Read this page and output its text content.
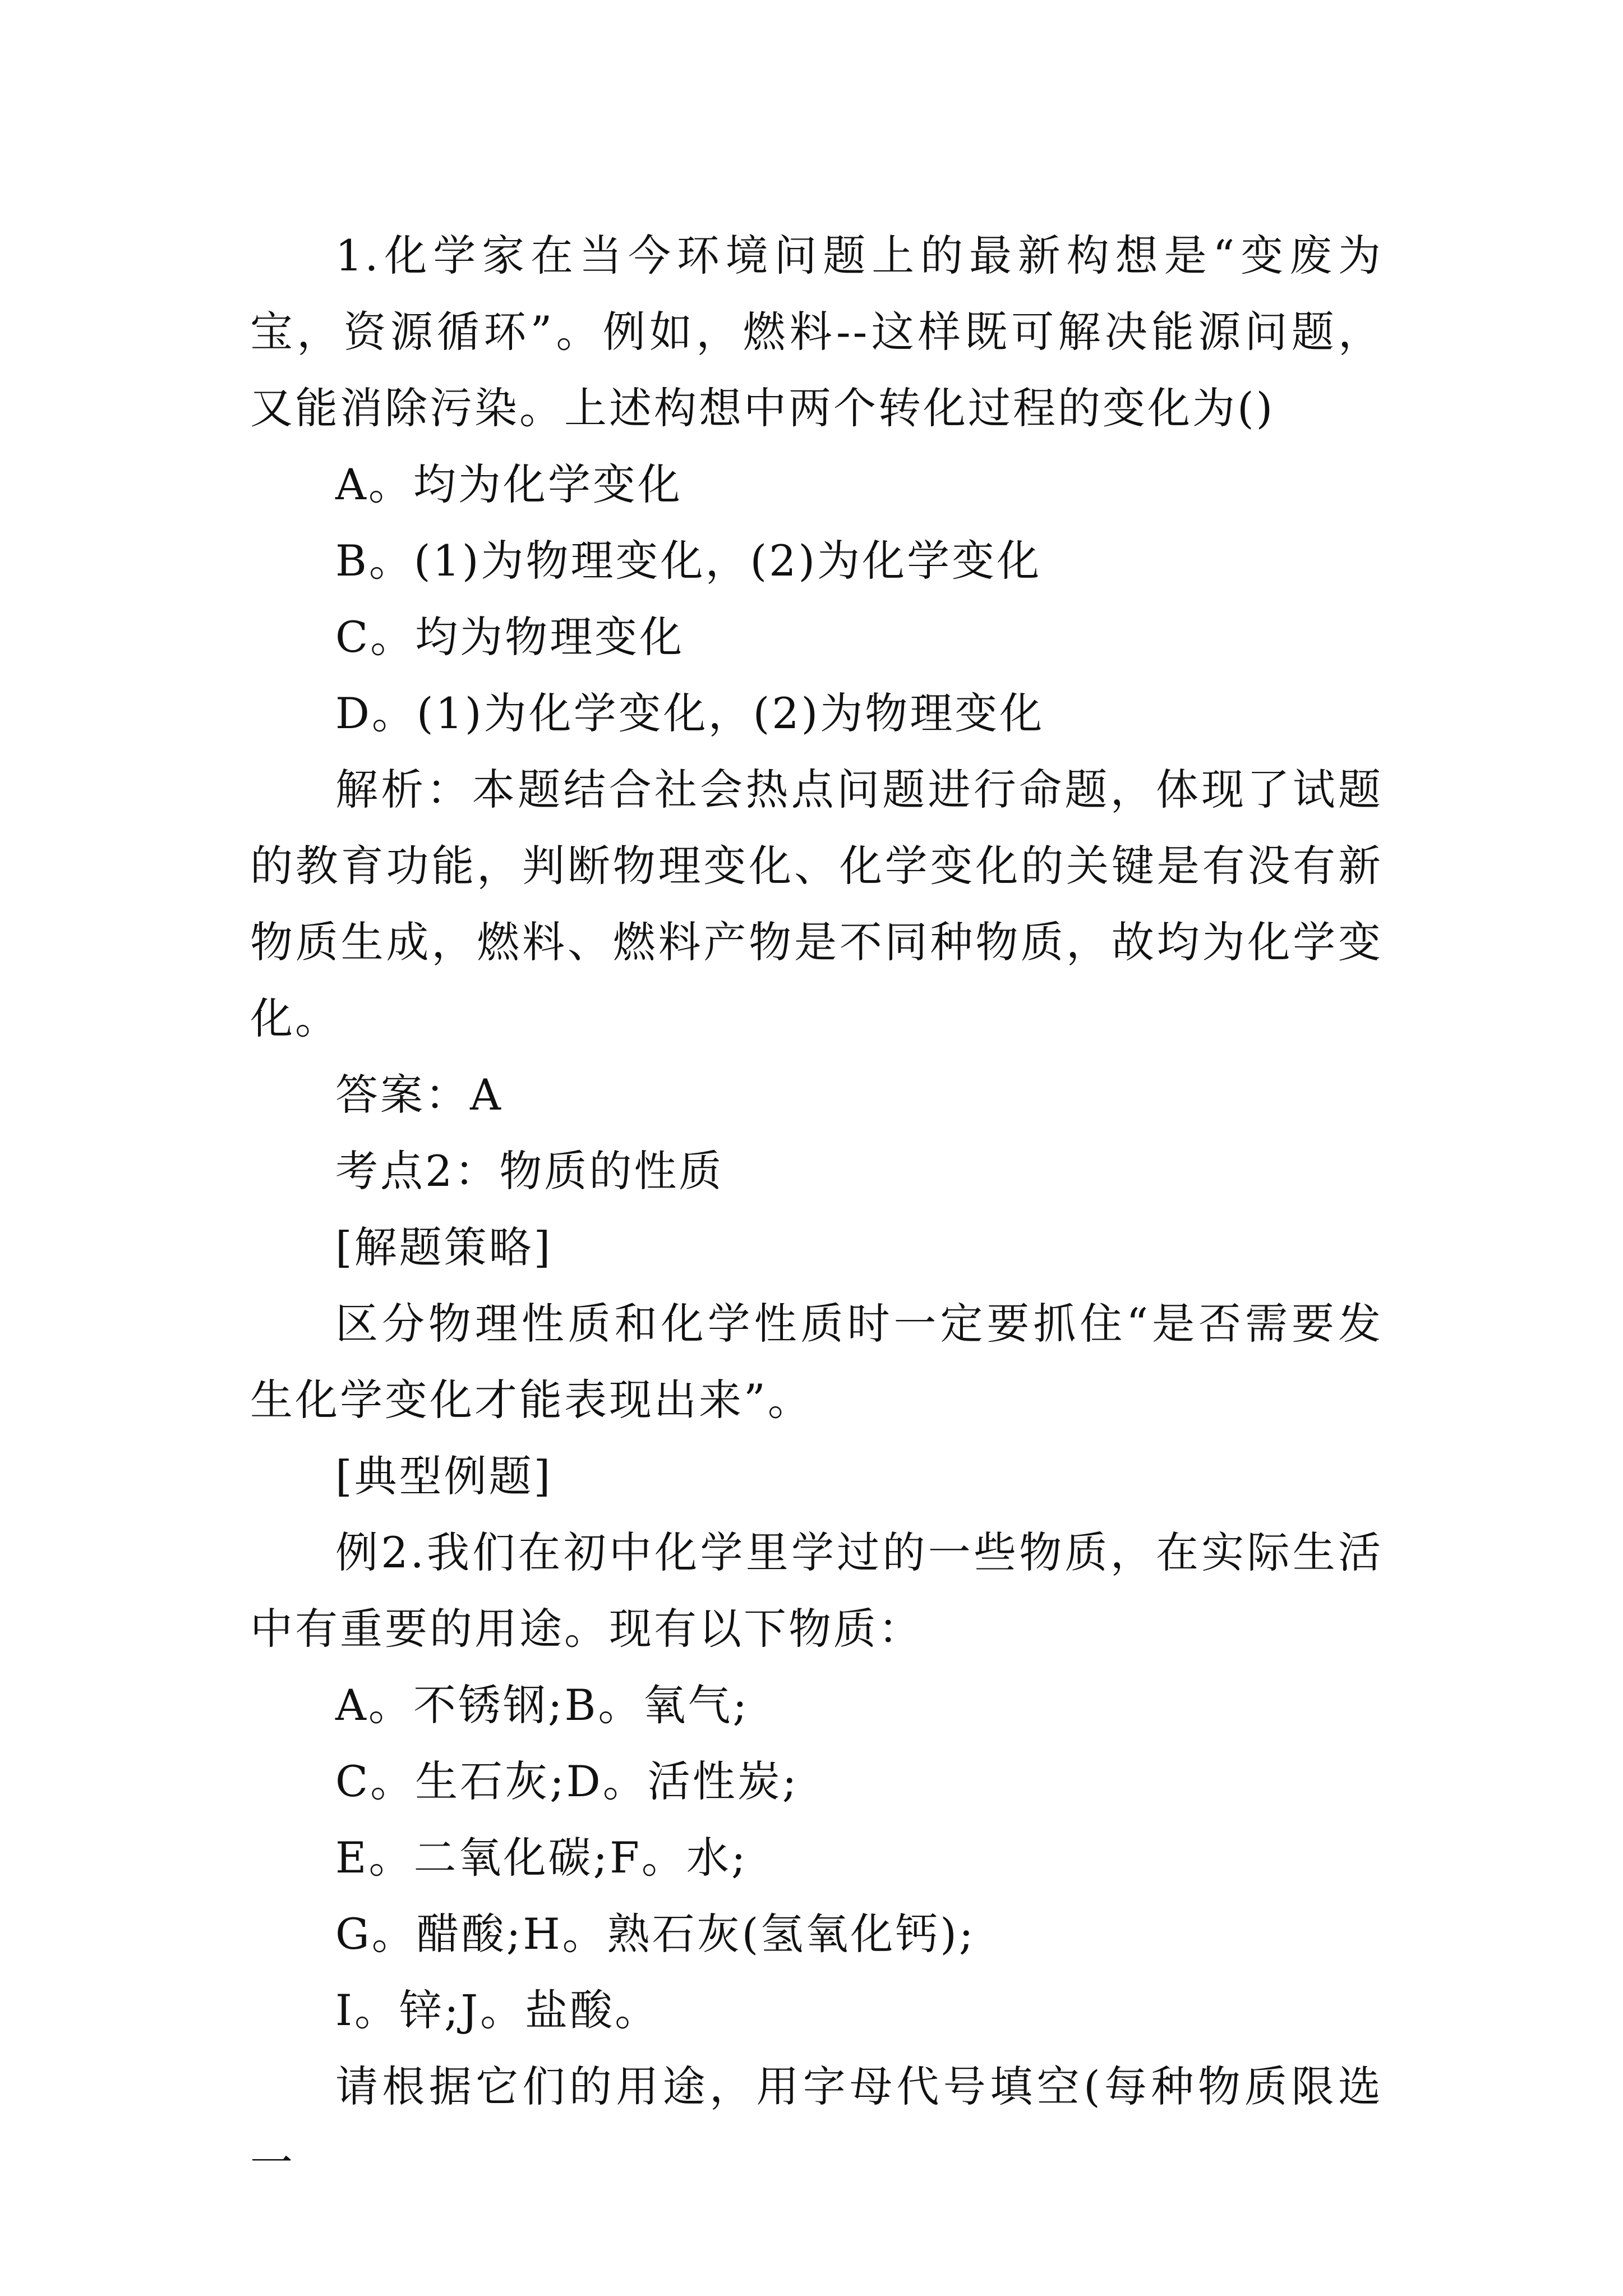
1.化学家在当今环境问题上的最新构想是“变废为宝，资源循环”。例如，燃料--这样既可解决能源问题，又能消除污染。上述构想中两个转化过程的变化为()

A。均为化学变化

B。(1)为物理变化，(2)为化学变化

C。均为物理变化

D。(1)为化学变化，(2)为物理变化

解析：本题结合社会热点问题进行命题，体现了试题的教育功能，判断物理变化、化学变化的关键是有没有新物质生成，燃料、燃料产物是不同种物质，故均为化学变化。

答案：A

考点2：物质的性质

[解题策略]

区分物理性质和化学性质时一定要抓住“是否需要发生化学变化才能表现出来”。

[典型例题]

例2.我们在初中化学里学过的一些物质，在实际生活中有重要的用途。现有以下物质：

A。不锈钢;B。氧气;

C。生石灰;D。活性炭;

E。二氧化碳;F。水;

G。醋酸;H。熟石灰(氢氧化钙);

I。锌;J。盐酸。

请根据它们的用途，用字母代号填空(每种物质限选一
